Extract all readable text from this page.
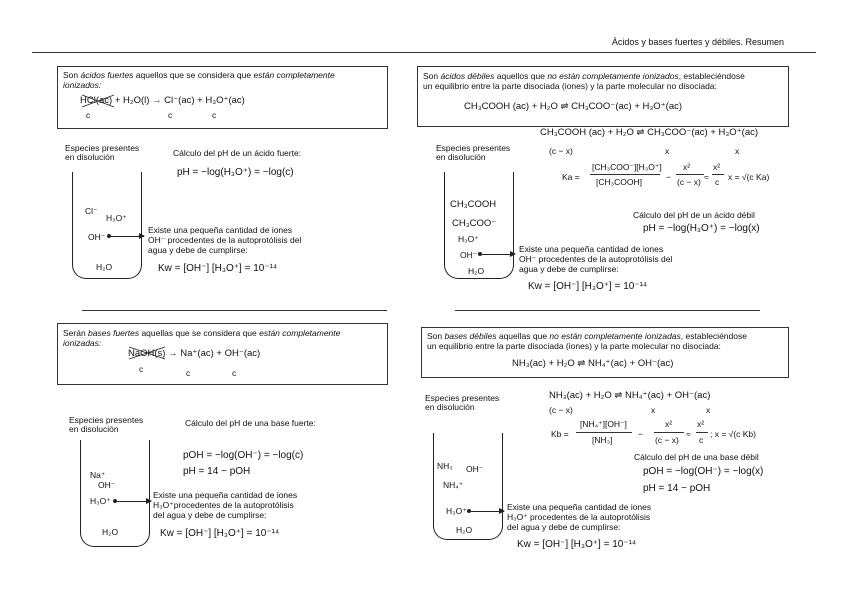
Ácidos y bases fuertes y débiles. Resumen
Son ácidos fuertes aquellos que se considera que están completamente
ionizados:
HCl(ac) + H₂O(l) → Cl⁻(ac) + H₃O⁺(ac)
c	c	c
Especies presentes
en disolución	Cálculo del pH de un ácido fuerte:
pH = −log(H₃O⁺) = −log(c)
Cl⁻
H₃O⁺
OH⁻
H₂O
Existe una pequeña cantidad de iones
OH⁻ procedentes de la autoprotólisis del
agua y debe de cumplirse:
Kw = [OH⁻] [H₃O⁺] = 10⁻¹⁴
Son ácidos débiles aquellos que no están completamente ionizados, estableciéndose
un equilibrio entre la parte disociada (iones) y la parte molecular no disociada:
CH₃COOH (ac) + H₂O ⇌ CH₃COO⁻(ac) + H₃O⁺(ac)
CH₃COOH (ac) + H₂O ⇌ CH₃COO⁻(ac) + H₃O⁺(ac)
(c − x)	x	x
Ka =
[CH₃COO⁻][H₃O⁺]
[CH₃COOH]	−
x²
(c − x) ≈
x²
c x = √(c Ka)
Especies presentes
en disolución
Cálculo del pH de un ácido débil
pH = −log(H₃O⁺) = −log(x)
CH₃COOH
CH₃COO⁻
H₃O⁺
OH⁻
H₂O
Existe una pequeña cantidad de iones
OH⁻ procedentes de la autoprotólisis del
agua y debe de cumplirse:
Kw = [OH⁻] [H₃O⁺] = 10⁻¹⁴
Serán bases fuertes aquellas que se considera que están completamente
ionizadas:
NaOH(s) → Na⁺(ac) + OH⁻(ac)
c	c	c
Especies presentes
en disolución
Cálculo del pH de una base fuerte:
pOH = −log(OH⁻) = −log(c)
pH = 14 − pOH
Na⁺
OH⁻
H₃O⁺
H₂O
Existe una pequeña cantidad de iones
H₃O⁺procedentes de la autoprotólisis
del agua y debe de cumplirse:
Kw = [OH⁻] [H₃O⁺] = 10⁻¹⁴
Son bases débiles aquellas que no están completamente ionizadas, estableciéndose
un equilibrio entre la parte disociada (iones) y la parte molecular no disociada:
NH₃(ac) + H₂O ⇌ NH₄⁺(ac) + OH⁻(ac)
NH₃(ac) + H₂O ⇌ NH₄⁺(ac) + OH⁻(ac)
(c − x)	x	x
Kb =
[NH₄⁺][OH⁻]
[NH₃]
−
x²
(c − x)
≈
x²
c
; x = √(c Kb)
Especies presentes
en disolución
Cálculo del pH de una base débil
pOH = −log(OH⁻) = −log(x)
pH = 14 − pOH
NH₃ OH⁻
NH₄⁺
H₃O⁺
H₂O
Existe una pequeña cantidad de iones
H₃O⁺ procedentes de la autoprotólisis
del agua y debe de cumplirse:
Kw = [OH⁻] [H₃O⁺] = 10⁻¹⁴
